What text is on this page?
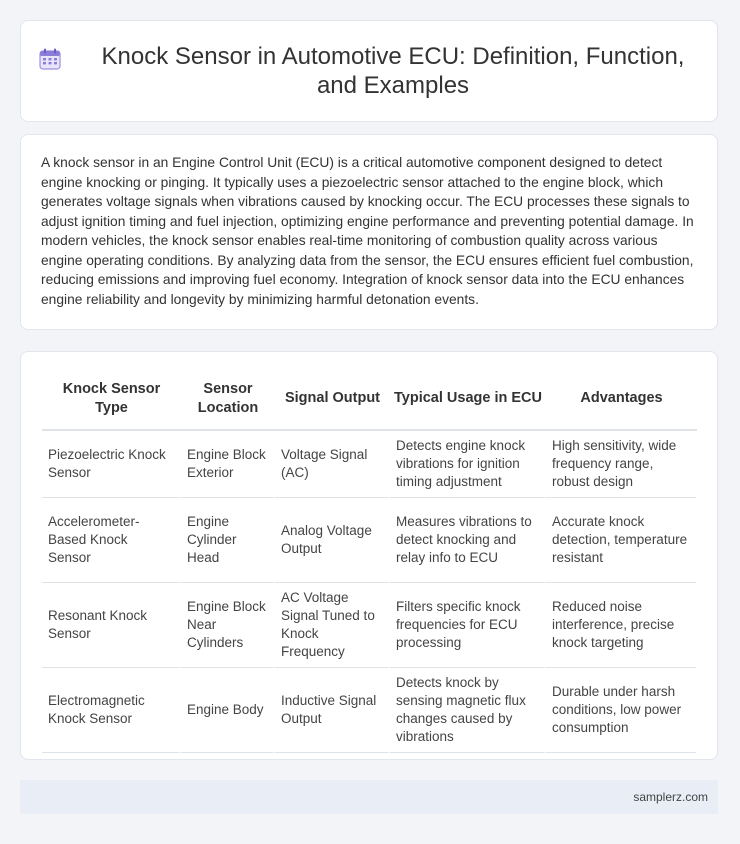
Knock Sensor in Automotive ECU: Definition, Function, and Examples

A knock sensor in an Engine Control Unit (ECU) is a critical automotive component designed to detect engine knocking or pinging. It typically uses a piezoelectric sensor attached to the engine block, which generates voltage signals when vibrations caused by knocking occur. The ECU processes these signals to adjust ignition timing and fuel injection, optimizing engine performance and preventing potential damage. In modern vehicles, the knock sensor enables real-time monitoring of combustion quality across various engine operating conditions. By analyzing data from the sensor, the ECU ensures efficient fuel combustion, reducing emissions and improving fuel economy. Integration of knock sensor data into the ECU enhances engine reliability and longevity by minimizing harmful detonation events.

Knock Sensor Type	Sensor Location	Signal Output	Typical Usage in ECU	Advantages
Piezoelectric Knock Sensor	Engine Block Exterior	Voltage Signal (AC)	Detects engine knock vibrations for ignition timing adjustment	High sensitivity, wide frequency range, robust design
Accelerometer-Based Knock Sensor	Engine Cylinder Head	Analog Voltage Output	Measures vibrations to detect knocking and relay info to ECU	Accurate knock detection, temperature resistant
Resonant Knock Sensor	Engine Block Near Cylinders	AC Voltage Signal Tuned to Knock Frequency	Filters specific knock frequencies for ECU processing	Reduced noise interference, precise knock targeting
Electromagnetic Knock Sensor	Engine Body	Inductive Signal Output	Detects knock by sensing magnetic flux changes caused by vibrations	Durable under harsh conditions, low power consumption
samplerz.com
